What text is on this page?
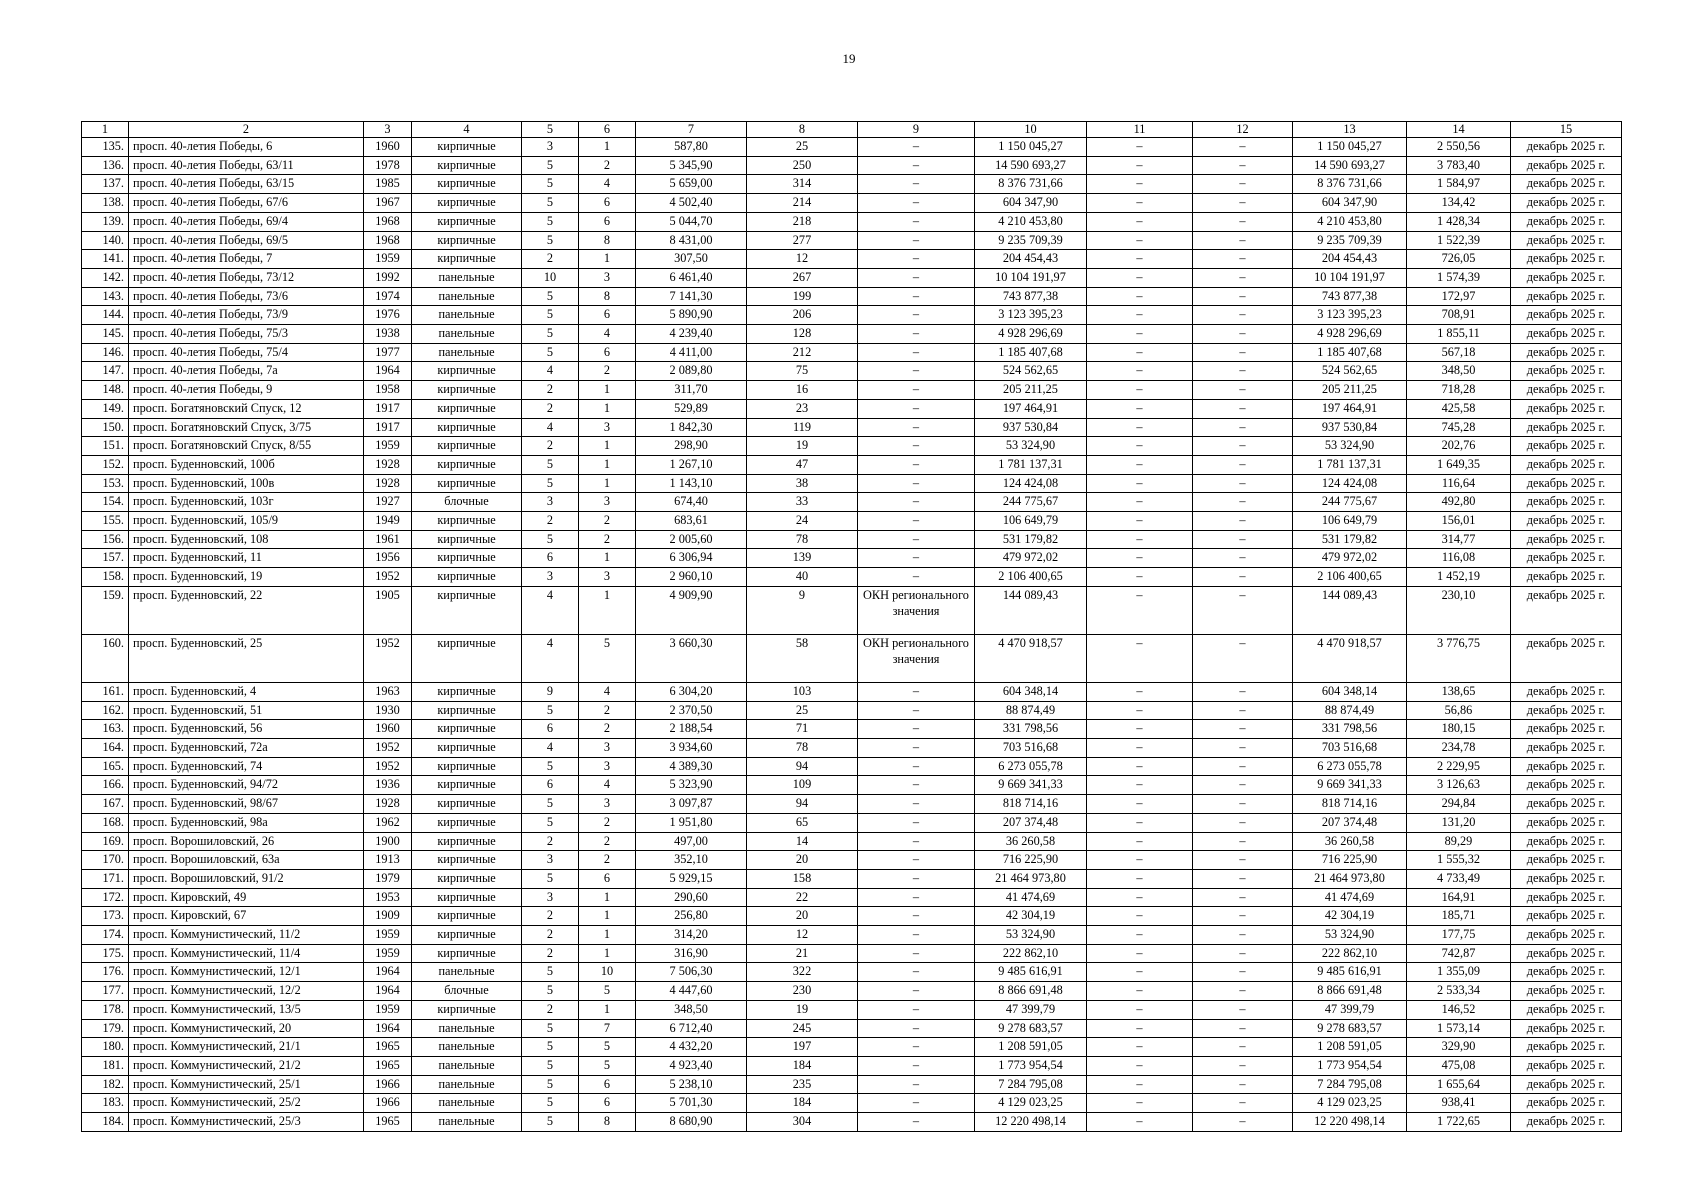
19
1	2	3	4	5	6	7	8	9	10	11	12	13	14	15
135.	просп. 40-летия Победы, 6	1960	кирпичные	3	1	587,80	25	–	1 150 045,27	–	–	1 150 045,27	2 550,56	декабрь 2025 г.
136.	просп. 40-летия Победы, 63/11	1978	кирпичные	5	2	5 345,90	250	–	14 590 693,27	–	–	14 590 693,27	3 783,40	декабрь 2025 г.
137.	просп. 40-летия Победы, 63/15	1985	кирпичные	5	4	5 659,00	314	–	8 376 731,66	–	–	8 376 731,66	1 584,97	декабрь 2025 г.
138.	просп. 40-летия Победы, 67/6	1967	кирпичные	5	6	4 502,40	214	–	604 347,90	–	–	604 347,90	134,42	декабрь 2025 г.
139.	просп. 40-летия Победы, 69/4	1968	кирпичные	5	6	5 044,70	218	–	4 210 453,80	–	–	4 210 453,80	1 428,34	декабрь 2025 г.
140.	просп. 40-летия Победы, 69/5	1968	кирпичные	5	8	8 431,00	277	–	9 235 709,39	–	–	9 235 709,39	1 522,39	декабрь 2025 г.
141.	просп. 40-летия Победы, 7	1959	кирпичные	2	1	307,50	12	–	204 454,43	–	–	204 454,43	726,05	декабрь 2025 г.
142.	просп. 40-летия Победы, 73/12	1992	панельные	10	3	6 461,40	267	–	10 104 191,97	–	–	10 104 191,97	1 574,39	декабрь 2025 г.
143.	просп. 40-летия Победы, 73/6	1974	панельные	5	8	7 141,30	199	–	743 877,38	–	–	743 877,38	172,97	декабрь 2025 г.
144.	просп. 40-летия Победы, 73/9	1976	панельные	5	6	5 890,90	206	–	3 123 395,23	–	–	3 123 395,23	708,91	декабрь 2025 г.
145.	просп. 40-летия Победы, 75/3	1938	панельные	5	4	4 239,40	128	–	4 928 296,69	–	–	4 928 296,69	1 855,11	декабрь 2025 г.
146.	просп. 40-летия Победы, 75/4	1977	панельные	5	6	4 411,00	212	–	1 185 407,68	–	–	1 185 407,68	567,18	декабрь 2025 г.
147.	просп. 40-летия Победы, 7а	1964	кирпичные	4	2	2 089,80	75	–	524 562,65	–	–	524 562,65	348,50	декабрь 2025 г.
148.	просп. 40-летия Победы, 9	1958	кирпичные	2	1	311,70	16	–	205 211,25	–	–	205 211,25	718,28	декабрь 2025 г.
149.	просп. Богатяновский Спуск, 12	1917	кирпичные	2	1	529,89	23	–	197 464,91	–	–	197 464,91	425,58	декабрь 2025 г.
150.	просп. Богатяновский Спуск, 3/75	1917	кирпичные	4	3	1 842,30	119	–	937 530,84	–	–	937 530,84	745,28	декабрь 2025 г.
151.	просп. Богатяновский Спуск, 8/55	1959	кирпичные	2	1	298,90	19	–	53 324,90	–	–	53 324,90	202,76	декабрь 2025 г.
152.	просп. Буденновский, 100б	1928	кирпичные	5	1	1 267,10	47	–	1 781 137,31	–	–	1 781 137,31	1 649,35	декабрь 2025 г.
153.	просп. Буденновский, 100в	1928	кирпичные	5	1	1 143,10	38	–	124 424,08	–	–	124 424,08	116,64	декабрь 2025 г.
154.	просп. Буденновский, 103г	1927	блочные	3	3	674,40	33	–	244 775,67	–	–	244 775,67	492,80	декабрь 2025 г.
155.	просп. Буденновский, 105/9	1949	кирпичные	2	2	683,61	24	–	106 649,79	–	–	106 649,79	156,01	декабрь 2025 г.
156.	просп. Буденновский, 108	1961	кирпичные	5	2	2 005,60	78	–	531 179,82	–	–	531 179,82	314,77	декабрь 2025 г.
157.	просп. Буденновский, 11	1956	кирпичные	6	1	6 306,94	139	–	479 972,02	–	–	479 972,02	116,08	декабрь 2025 г.
158.	просп. Буденновский, 19	1952	кирпичные	3	3	2 960,10	40	–	2 106 400,65	–	–	2 106 400,65	1 452,19	декабрь 2025 г.
159.	просп. Буденновский, 22	1905	кирпичные	4	1	4 909,90	9	ОКН регионального значения	144 089,43	–	–	144 089,43	230,10	декабрь 2025 г.
160.	просп. Буденновский, 25	1952	кирпичные	4	5	3 660,30	58	ОКН регионального значения	4 470 918,57	–	–	4 470 918,57	3 776,75	декабрь 2025 г.
161.	просп. Буденновский, 4	1963	кирпичные	9	4	6 304,20	103	–	604 348,14	–	–	604 348,14	138,65	декабрь 2025 г.
162.	просп. Буденновский, 51	1930	кирпичные	5	2	2 370,50	25	–	88 874,49	–	–	88 874,49	56,86	декабрь 2025 г.
163.	просп. Буденновский, 56	1960	кирпичные	6	2	2 188,54	71	–	331 798,56	–	–	331 798,56	180,15	декабрь 2025 г.
164.	просп. Буденновский, 72а	1952	кирпичные	4	3	3 934,60	78	–	703 516,68	–	–	703 516,68	234,78	декабрь 2025 г.
165.	просп. Буденновский, 74	1952	кирпичные	5	3	4 389,30	94	–	6 273 055,78	–	–	6 273 055,78	2 229,95	декабрь 2025 г.
166.	просп. Буденновский, 94/72	1936	кирпичные	6	4	5 323,90	109	–	9 669 341,33	–	–	9 669 341,33	3 126,63	декабрь 2025 г.
167.	просп. Буденновский, 98/67	1928	кирпичные	5	3	3 097,87	94	–	818 714,16	–	–	818 714,16	294,84	декабрь 2025 г.
168.	просп. Буденновский, 98а	1962	кирпичные	5	2	1 951,80	65	–	207 374,48	–	–	207 374,48	131,20	декабрь 2025 г.
169.	просп. Ворошиловский, 26	1900	кирпичные	2	2	497,00	14	–	36 260,58	–	–	36 260,58	89,29	декабрь 2025 г.
170.	просп. Ворошиловский, 63а	1913	кирпичные	3	2	352,10	20	–	716 225,90	–	–	716 225,90	1 555,32	декабрь 2025 г.
171.	просп. Ворошиловский, 91/2	1979	кирпичные	5	6	5 929,15	158	–	21 464 973,80	–	–	21 464 973,80	4 733,49	декабрь 2025 г.
172.	просп. Кировский, 49	1953	кирпичные	3	1	290,60	22	–	41 474,69	–	–	41 474,69	164,91	декабрь 2025 г.
173.	просп. Кировский, 67	1909	кирпичные	2	1	256,80	20	–	42 304,19	–	–	42 304,19	185,71	декабрь 2025 г.
174.	просп. Коммунистический, 11/2	1959	кирпичные	2	1	314,20	12	–	53 324,90	–	–	53 324,90	177,75	декабрь 2025 г.
175.	просп. Коммунистический, 11/4	1959	кирпичные	2	1	316,90	21	–	222 862,10	–	–	222 862,10	742,87	декабрь 2025 г.
176.	просп. Коммунистический, 12/1	1964	панельные	5	10	7 506,30	322	–	9 485 616,91	–	–	9 485 616,91	1 355,09	декабрь 2025 г.
177.	просп. Коммунистический, 12/2	1964	блочные	5	5	4 447,60	230	–	8 866 691,48	–	–	8 866 691,48	2 533,34	декабрь 2025 г.
178.	просп. Коммунистический, 13/5	1959	кирпичные	2	1	348,50	19	–	47 399,79	–	–	47 399,79	146,52	декабрь 2025 г.
179.	просп. Коммунистический, 20	1964	панельные	5	7	6 712,40	245	–	9 278 683,57	–	–	9 278 683,57	1 573,14	декабрь 2025 г.
180.	просп. Коммунистический, 21/1	1965	панельные	5	5	4 432,20	197	–	1 208 591,05	–	–	1 208 591,05	329,90	декабрь 2025 г.
181.	просп. Коммунистический, 21/2	1965	панельные	5	5	4 923,40	184	–	1 773 954,54	–	–	1 773 954,54	475,08	декабрь 2025 г.
182.	просп. Коммунистический, 25/1	1966	панельные	5	6	5 238,10	235	–	7 284 795,08	–	–	7 284 795,08	1 655,64	декабрь 2025 г.
183.	просп. Коммунистический, 25/2	1966	панельные	5	6	5 701,30	184	–	4 129 023,25	–	–	4 129 023,25	938,41	декабрь 2025 г.
184.	просп. Коммунистический, 25/3	1965	панельные	5	8	8 680,90	304	–	12 220 498,14	–	–	12 220 498,14	1 722,65	декабрь 2025 г.
